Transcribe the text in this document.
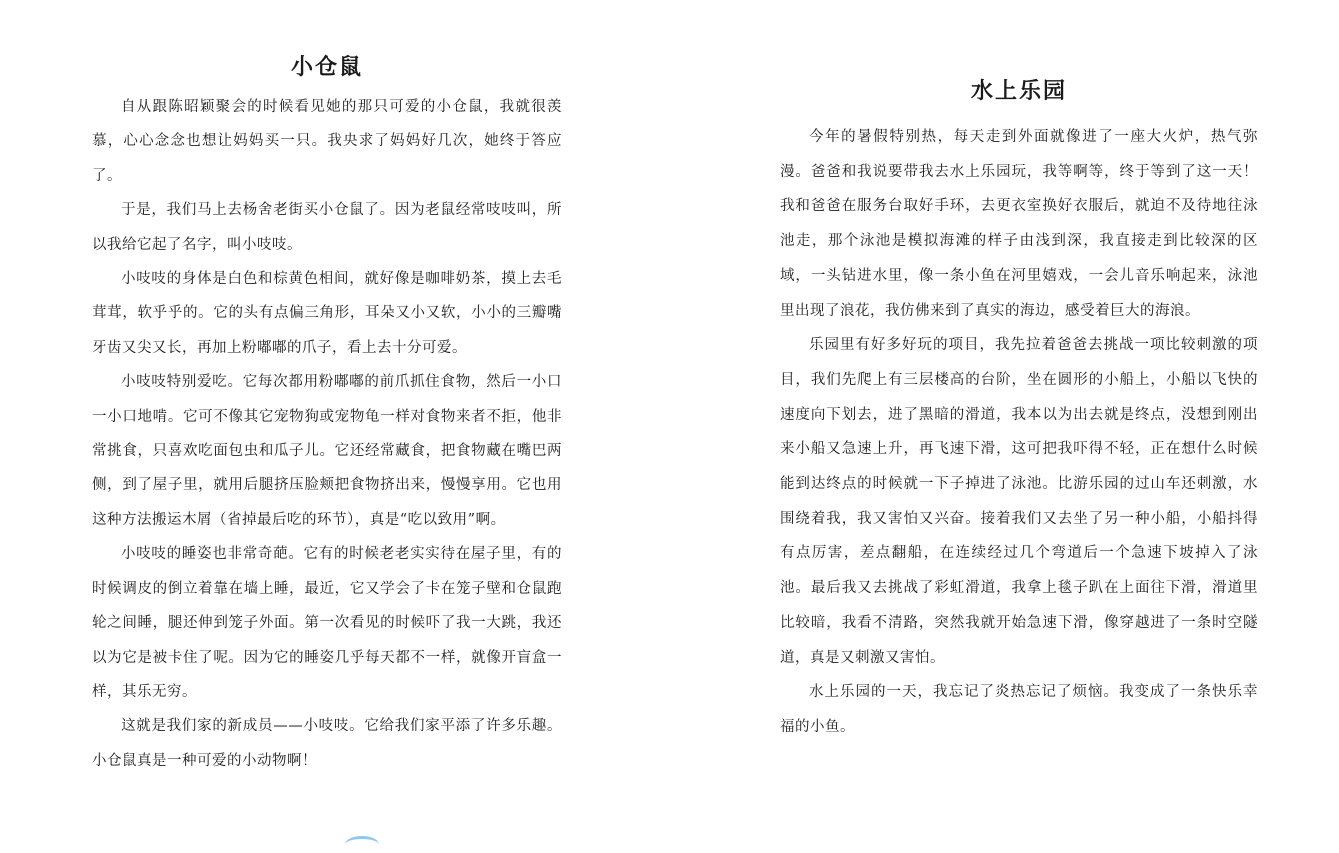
小仓鼠

自从跟陈昭颖聚会的时候看见她的那只可爱的小仓鼠，我就很羡慕，心心念念也想让妈妈买一只。我央求了妈妈好几次，她终于答应了。

于是，我们马上去杨舍老街买小仓鼠了。因为老鼠经常吱吱叫，所以我给它起了名字，叫小吱吱。

小吱吱的身体是白色和棕黄色相间，就好像是咖啡奶茶，摸上去毛茸茸，软乎乎的。它的头有点偏三角形，耳朵又小又软，小小的三瓣嘴牙齿又尖又长，再加上粉嘟嘟的爪子，看上去十分可爱。

小吱吱特别爱吃。它每次都用粉嘟嘟的前爪抓住食物，然后一小口一小口地啃。它可不像其它宠物狗或宠物龟一样对食物来者不拒，他非常挑食，只喜欢吃面包虫和瓜子儿。它还经常藏食，把食物藏在嘴巴两侧，到了屋子里，就用后腿挤压脸颊把食物挤出来，慢慢享用。它也用这种方法搬运木屑（省掉最后吃的环节），真是“吃以致用”啊。

小吱吱的睡姿也非常奇葩。它有的时候老老实实待在屋子里，有的时候调皮的倒立着靠在墙上睡，最近，它又学会了卡在笼子壁和仓鼠跑轮之间睡，腿还伸到笼子外面。第一次看见的时候吓了我一大跳，我还以为它是被卡住了呢。因为它的睡姿几乎每天都不一样，就像开盲盒一样，其乐无穷。

这就是我们家的新成员——小吱吱。它给我们家平添了许多乐趣。小仓鼠真是一种可爱的小动物啊！

水上乐园

今年的暑假特别热，每天走到外面就像进了一座大火炉，热气弥漫。爸爸和我说要带我去水上乐园玩，我等啊等，终于等到了这一天！我和爸爸在服务台取好手环，去更衣室换好衣服后，就迫不及待地往泳池走，那个泳池是模拟海滩的样子由浅到深，我直接走到比较深的区域，一头钻进水里，像一条小鱼在河里嬉戏，一会儿音乐响起来，泳池里出现了浪花，我仿佛来到了真实的海边，感受着巨大的海浪。

乐园里有好多好玩的项目，我先拉着爸爸去挑战一项比较刺激的项目，我们先爬上有三层楼高的台阶，坐在圆形的小船上，小船以飞快的速度向下划去，进了黑暗的滑道，我本以为出去就是终点，没想到刚出来小船又急速上升，再飞速下滑，这可把我吓得不轻，正在想什么时候能到达终点的时候就一下子掉进了泳池。比游乐园的过山车还刺激，水围绕着我，我又害怕又兴奋。接着我们又去坐了另一种小船，小船抖得有点厉害，差点翻船，在连续经过几个弯道后一个急速下坡掉入了泳池。最后我又去挑战了彩虹滑道，我拿上毯子趴在上面往下滑，滑道里比较暗，我看不清路，突然我就开始急速下滑，像穿越进了一条时空隧道，真是又刺激又害怕。

水上乐园的一天，我忘记了炎热忘记了烦恼。我变成了一条快乐幸福的小鱼。
